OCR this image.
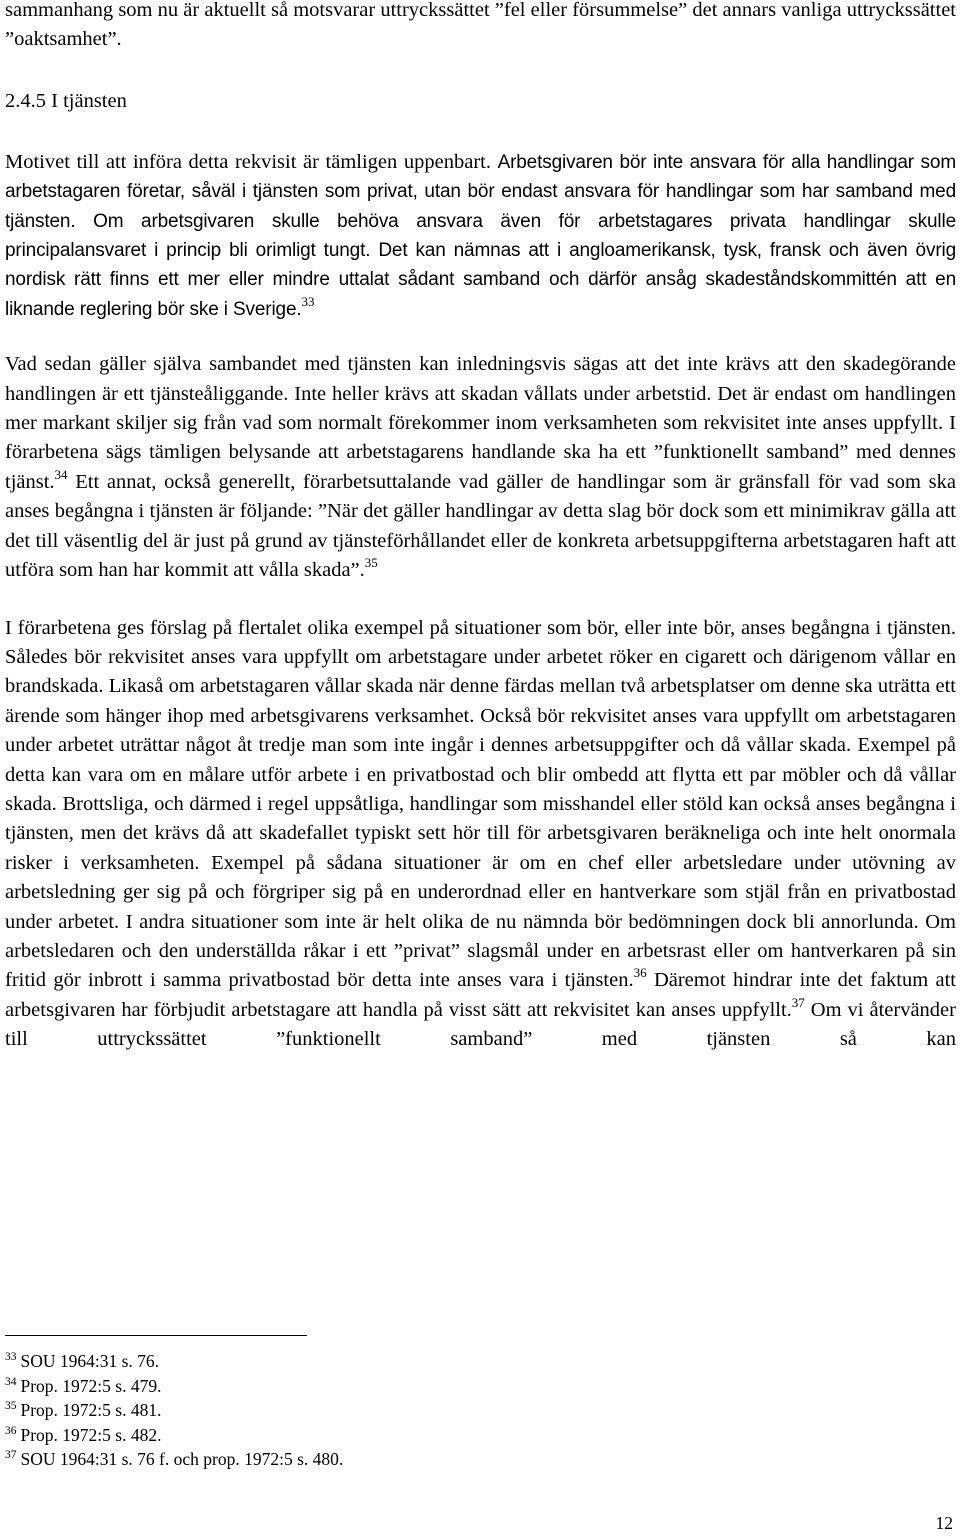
sammanhang som nu är aktuellt så motsvarar uttryckssättet ”fel eller försummelse” det annars vanliga uttryckssättet ”oaktsamhet”.

2.4.5 I tjänsten

Motivet till att införa detta rekvisit är tämligen uppenbart. Arbetsgivaren bör inte ansvara för alla handlingar som arbetstagaren företar, såväl i tjänsten som privat, utan bör endast ansvara för handlingar som har samband med tjänsten. Om arbetsgivaren skulle behöva ansvara även för arbetstagares privata handlingar skulle principalansvaret i princip bli orimligt tungt. Det kan nämnas att i angloamerikansk, tysk, fransk och även övrig nordisk rätt finns ett mer eller mindre uttalat sådant samband och därför ansåg skadeståndskommittén att en liknande reglering bör ske i Sverige.$^{33}$

Vad sedan gäller själva sambandet med tjänsten kan inledningsvis sägas att det inte krävs att den skadegörande handlingen är ett tjänsteåliggande. Inte heller krävs att skadan vållats under arbetstid. Det är endast om handlingen mer markant skiljer sig från vad som normalt förekommer inom verksamheten som rekvisitet inte anses uppfyllt. I förarbetena sägs tämligen belysande att arbetstagarens handlande ska ha ett ”funktionellt samband” med dennes tjänst.$^{34}$ Ett annat, också generellt, förarbetsuttalande vad gäller de handlingar som är gränsfall för vad som ska anses begångna i tjänsten är följande: ”När det gäller handlingar av detta slag bör dock som ett minimikrav gälla att det till väsentlig del är just på grund av tjänsteförhållandet eller de konkreta arbetsuppgifterna arbetstagaren haft att utföra som han har kommit att vålla skada”.$^{35}$

I förarbetena ges förslag på flertalet olika exempel på situationer som bör, eller inte bör, anses begångna i tjänsten. Således bör rekvisitet anses vara uppfyllt om arbetstagare under arbetet röker en cigarett och därigenom vållar en brandskada. Likaså om arbetstagaren vållar skada när denne färdas mellan två arbetsplatser om denne ska uträtta ett ärende som hänger ihop med arbetsgivarens verksamhet. Också bör rekvisitet anses vara uppfyllt om arbetstagaren under arbetet uträttar något åt tredje man som inte ingår i dennes arbetsuppgifter och då vållar skada. Exempel på detta kan vara om en målare utför arbete i en privatbostad och blir ombedd att flytta ett par möbler och då vållar skada. Brottsliga, och därmed i regel uppsåtliga, handlingar som misshandel eller stöld kan också anses begångna i tjänsten, men det krävs då att skadefallet typiskt sett hör till för arbetsgivaren beräkneliga och inte helt onormala risker i verksamheten. Exempel på sådana situationer är om en chef eller arbetsledare under utövning av arbetsledning ger sig på och förgriper sig på en underordnad eller en hantverkare som stjäl från en privatbostad under arbetet. I andra situationer som inte är helt olika de nu nämnda bör bedömningen dock bli annorlunda. Om arbetsledaren och den underställda råkar i ett ”privat” slagsmål under en arbetsrast eller om hantverkaren på sin fritid gör inbrott i samma privatbostad bör detta inte anses vara i tjänsten.$^{36}$ Däremot hindrar inte det faktum att arbetsgivaren har förbjudit arbetstagare att handla på visst sätt att rekvisitet kan anses uppfyllt.$^{37}$ Om vi återvänder till uttryckssättet ”funktionellt samband” med tjänsten så kan

$^{33}$ SOU 1964:31 s. 76.

$^{34}$ Prop. 1972:5 s. 479.

$^{35}$ Prop. 1972:5 s. 481.

$^{36}$ Prop. 1972:5 s. 482.

$^{37}$ SOU 1964:31 s. 76 f. och prop. 1972:5 s. 480.

12
